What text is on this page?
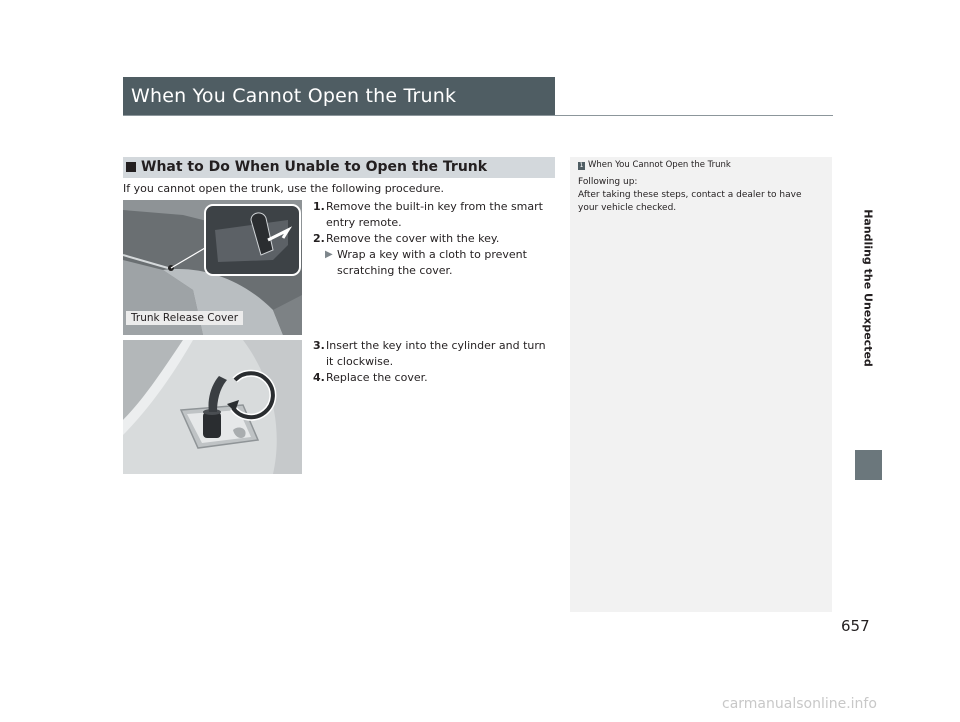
When You Cannot Open the Trunk
What to Do When Unable to Open the Trunk
If you cannot open the trunk, use the following procedure.
Trunk Release Cover
1. Remove the built-in key from the smart entry remote.
2. Remove the cover with the key.
▶ Wrap a key with a cloth to prevent scratching the cover.
3. Insert the key into the cylinder and turn it clockwise.
4. Replace the cover.
1 When You Cannot Open the Trunk
Following up:
After taking these steps, contact a dealer to have your vehicle checked.
Handling the Unexpected
657
carmanualsonline.info
